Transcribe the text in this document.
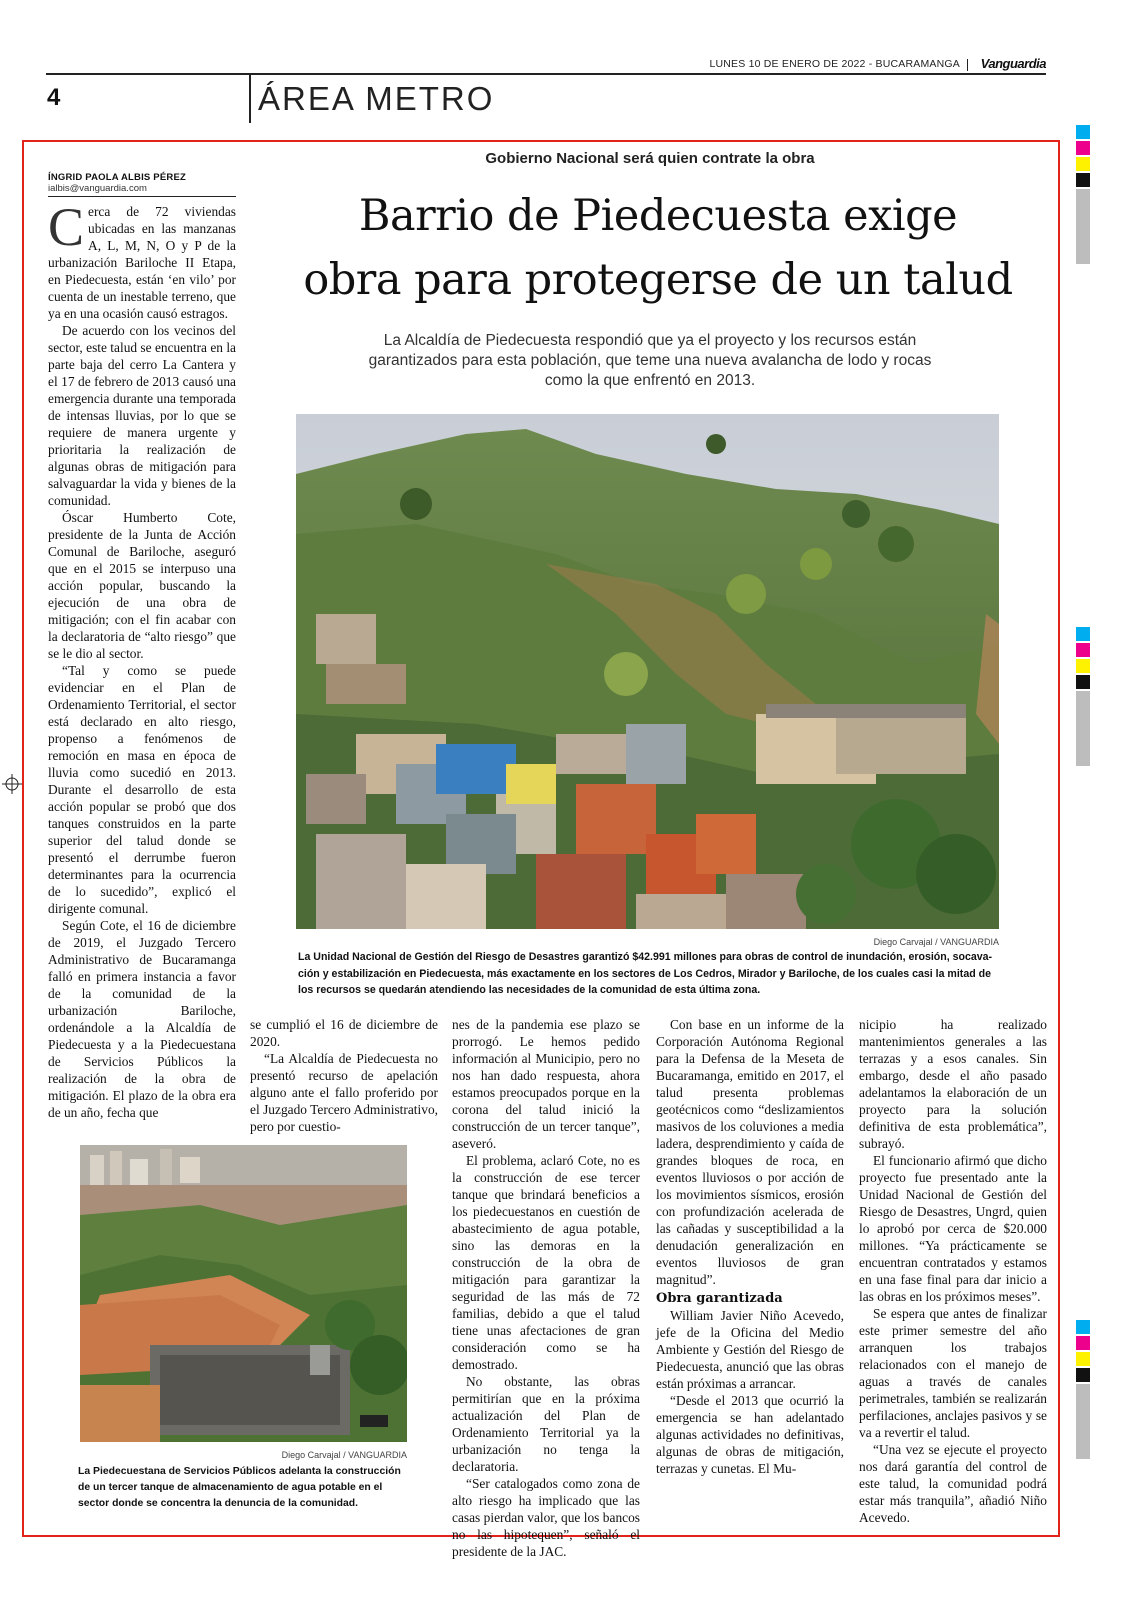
LUNES 10 DE ENERO DE 2022 - BUCARAMANGA Vanguardia
4	ÁREA METRO
Gobierno Nacional será quien contrate la obra
Barrio de Piedecuesta exige
obra para protegerse de un talud
La Alcaldía de Piedecuesta respondió que ya el proyecto y los recursos están
garantizados para esta población, que teme una nueva avalancha de lodo y rocas
como la que enfrentó en 2013.
Diego Carvajal / VANGUARDIA
La Unidad Nacional de Gestión del Riesgo de Desastres garantizó $42.991 millones para obras de control de inundación, erosión, socava- ción y estabilización en Piedecuesta, más exactamente en los sectores de Los Cedros, Mirador y Bariloche, de los cuales casi la mitad de los recursos se quedarán atendiendo las necesidades de la comunidad de esta última zona.
ÍNGRID PAOLA ALBIS PÉREZ
ialbis@vanguardia.com

Cerca de 72 viviendas ubicadas en las manzanas A, L, M, N, O y P de la urbanización Bariloche II Etapa, en Piedecuesta, están ‘en vilo’ por cuenta de un inestable terreno, que ya en una ocasión causó estragos.

De acuerdo con los vecinos del sector, este talud se encuentra en la parte baja del cerro La Cantera y el 17 de febrero de 2013 causó una emergencia durante una temporada de intensas lluvias, por lo que se requiere de manera urgente y prioritaria la realización de algunas obras de mitigación para salvaguardar la vida y bienes de la comunidad.

Óscar Humberto Cote, presidente de la Junta de Acción Comunal de Bariloche, aseguró que en el 2015 se interpuso una acción popular, buscando la ejecución de una obra de mitigación; con el fin acabar con la declaratoria de “alto riesgo” que se le dio al sector.

“Tal y como se puede evidenciar en el Plan de Ordenamiento Territorial, el sector está declarado en alto riesgo, propenso a fenómenos de remoción en masa en época de lluvia como sucedió en 2013. Durante el desarrollo de esta acción popular se probó que dos tanques construidos en la parte superior del talud donde se presentó el derrumbe fueron determinantes para la ocurrencia de lo sucedido”, explicó el dirigente comunal.

Según Cote, el 16 de diciembre de 2019, el Juzgado Tercero Administrativo de Bucaramanga falló en primera instancia a favor de la comunidad de la urbanización Bariloche, ordenándole a la Alcaldía de Piedecuesta y a la Piedecuestana de Servicios Públicos la realización de la obra de mitigación. El plazo de la obra era de un año, fecha que

se cumplió el 16 de diciembre de 2020.

“La Alcaldía de Piedecuesta no presentó recurso de apelación alguno ante el fallo proferido por el Juzgado Tercero Administrativo, pero por cuestio-

Diego Carvajal / VANGUARDIA
La Piedecuestana de Servicios Públicos adelanta la construcción de un tercer tanque de almacenamiento de agua potable en el sector donde se concentra la denuncia de la comunidad.

nes de la pandemia ese plazo se prorrogó. Le hemos pedido información al Municipio, pero no nos han dado respuesta, ahora estamos preocupados porque en la corona del talud inició la construcción de un tercer tanque”, aseveró.

El problema, aclaró Cote, no es la construcción de ese tercer tanque que brindará beneficios a los piedecuestanos en cuestión de abastecimiento de agua potable, sino las demoras en la construcción de la obra de mitigación para garantizar la seguridad de las más de 72 familias, debido a que el talud tiene unas afectaciones de gran consideración como se ha demostrado.

No obstante, las obras permitirían que en la próxima actualización del Plan de Ordenamiento Territorial ya la urbanización no tenga la declaratoria.

“Ser catalogados como zona de alto riesgo ha implicado que las casas pierdan valor, que los bancos no las hipotequen”, señaló el presidente de la JAC.

Con base en un informe de la Corporación Autónoma Regional para la Defensa de la Meseta de Bucaramanga, emitido en 2017, el talud presenta problemas geotécnicos como “deslizamientos masivos de los coluviones a media ladera, desprendimiento y caída de grandes bloques de roca, en eventos lluviosos o por acción de los movimientos sísmicos, erosión con profundización acelerada de las cañadas y susceptibilidad a la denudación generalización en eventos lluviosos de gran magnitud”.

Obra garantizada

William Javier Niño Acevedo, jefe de la Oficina del Medio Ambiente y Gestión del Riesgo de Piedecuesta, anunció que las obras están próximas a arrancar.

“Desde el 2013 que ocurrió la emergencia se han adelantado algunas actividades no definitivas, algunas de obras de mitigación, terrazas y cunetas. El Mu-

nicipio ha realizado mantenimientos generales a las terrazas y a esos canales. Sin embargo, desde el año pasado adelantamos la elaboración de un proyecto para la solución definitiva de esta problemática”, subrayó.

El funcionario afirmó que dicho proyecto fue presentado ante la Unidad Nacional de Gestión del Riesgo de Desastres, Ungrd, quien lo aprobó por cerca de $20.000 millones. “Ya prácticamente se encuentran contratados y estamos en una fase final para dar inicio a las obras en los próximos meses”.

Se espera que antes de finalizar este primer semestre del año arranquen los trabajos relacionados con el manejo de aguas a través de canales perimetrales, también se realizarán perfilaciones, anclajes pasivos y se va a revertir el talud.

“Una vez se ejecute el proyecto nos dará garantía del control de este talud, la comunidad podrá estar más tranquila”, añadió Niño Acevedo.
